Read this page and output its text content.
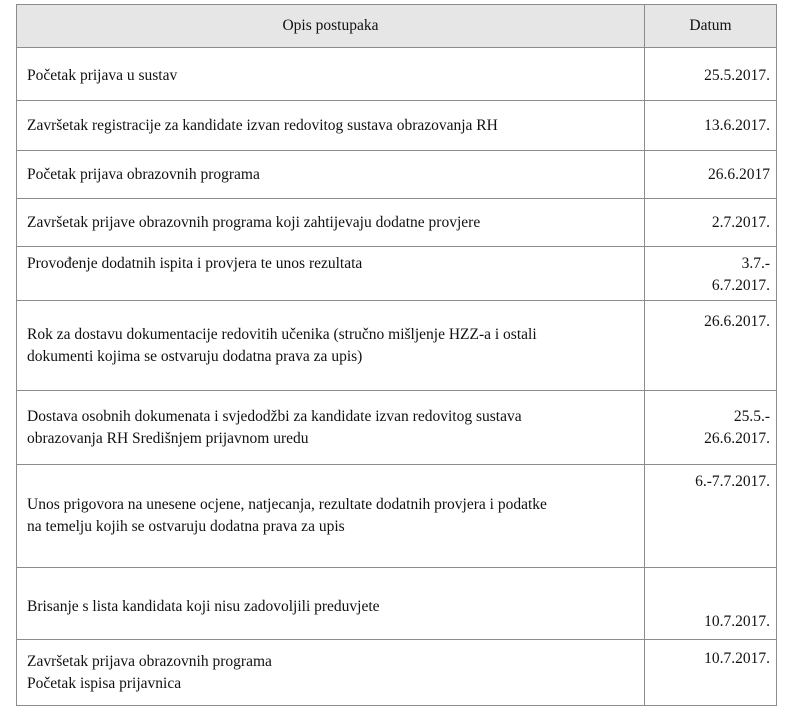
Opis postupaka	Datum

Početak prijava u sustav	25.5.2017.

Završetak registracije za kandidate izvan redovitog sustava obrazovanja RH	13.6.2017.

Početak prijava obrazovnih programa	26.6.2017

Završetak prijave obrazovnih programa koji zahtijevaju dodatne provjere	2.7.2017.

Provođenje dodatnih ispita i provjera te unos rezultata	3.7.-
6.7.2017.

Rok za dostavu dokumentacije redovitih učenika (stručno mišljenje HZZ-a i ostali
dokumenti kojima se ostvaruju dodatna prava za upis)	26.6.2017.

Dostava osobnih dokumenata i svjedodžbi za kandidate izvan redovitog sustava
obrazovanja RH Središnjem prijavnom uredu	25.5.-
26.6.2017.

Unos prigovora na unesene ocjene, natjecanja, rezultate dodatnih provjera i podatke
na temelju kojih se ostvaruju dodatna prava za upis	6.-7.7.2017.

Brisanje s lista kandidata koji nisu zadovoljili preduvjete	10.7.2017.

Završetak prijava obrazovnih programa
Početak ispisa prijavnica	10.7.2017.
